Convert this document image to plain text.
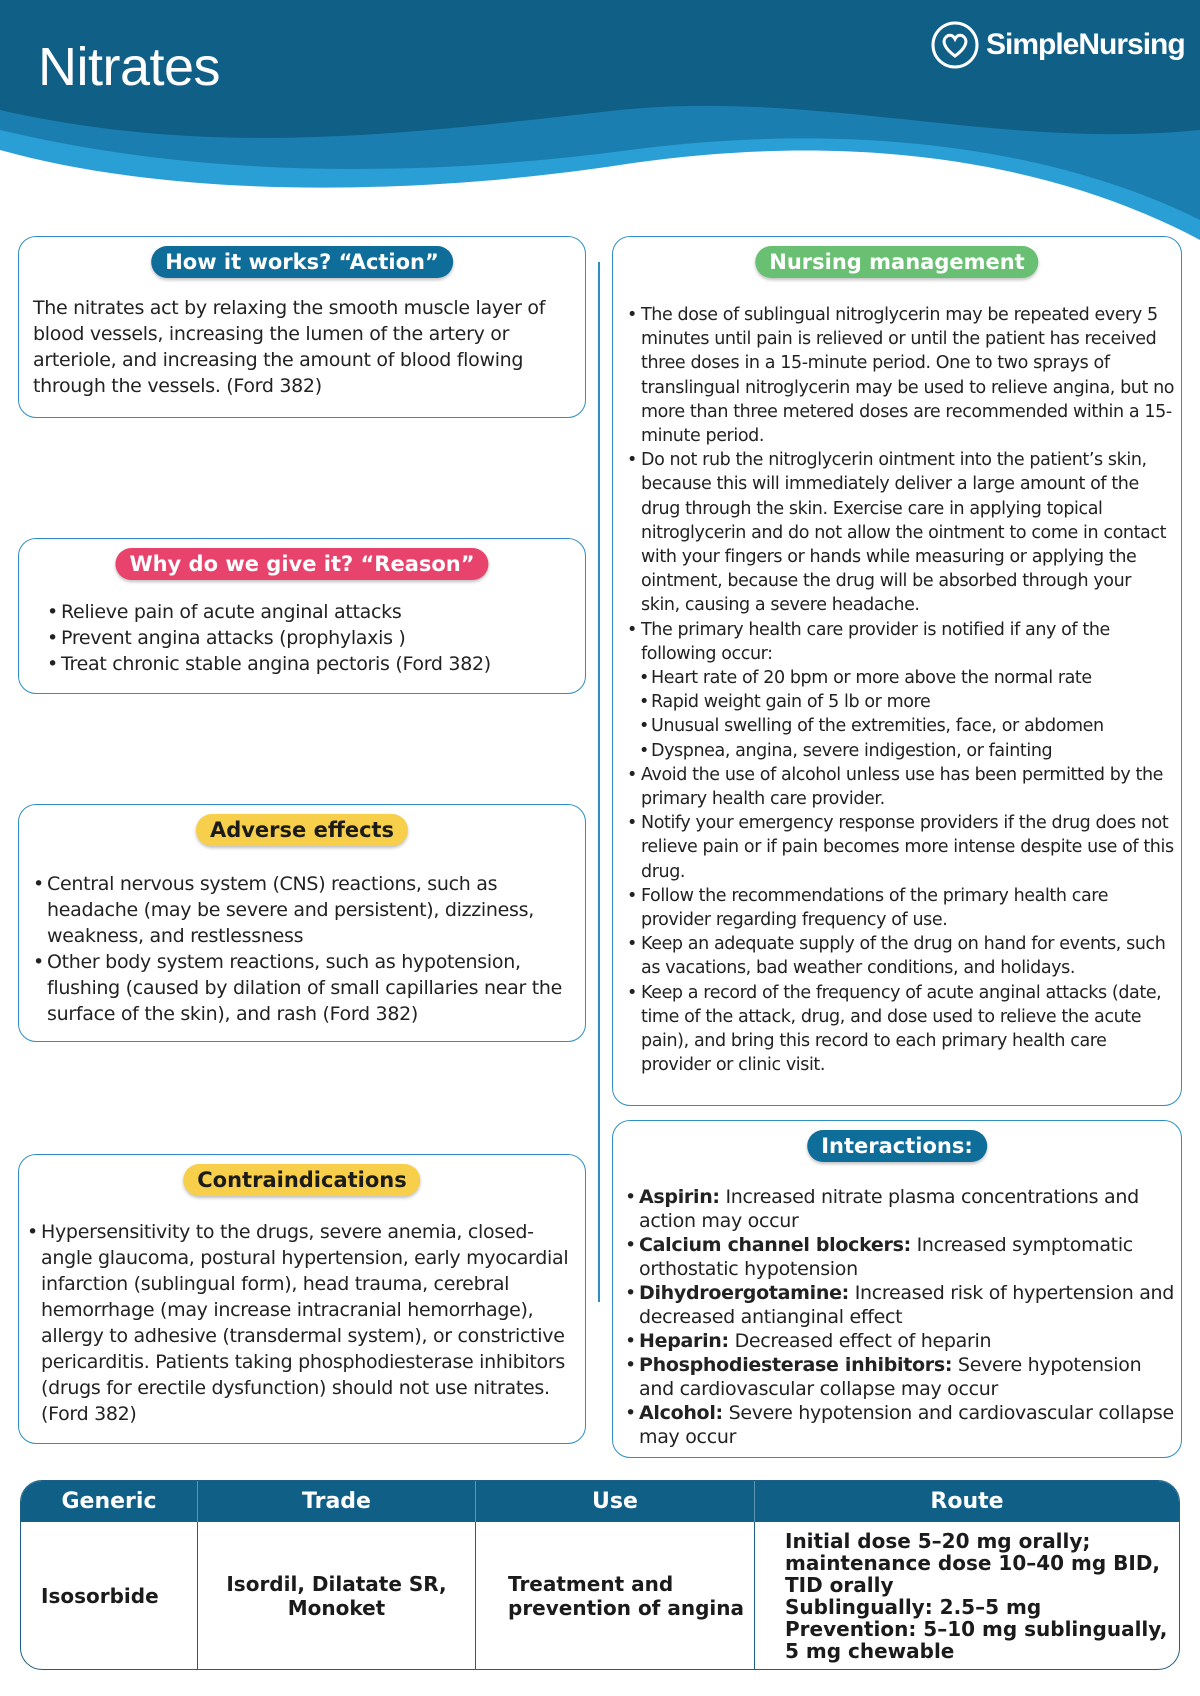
Nitrates	SimpleNursing
How it works? “Action”
The nitrates act by relaxing the smooth muscle layer of blood vessels, increasing the lumen of the artery or arteriole, and increasing the amount of blood flowing through the vessels. (Ford 382)
Why do we give it? “Reason”
• Relieve pain of acute anginal attacks
• Prevent angina attacks (prophylaxis )
• Treat chronic stable angina pectoris (Ford 382)
Adverse effects
• Central nervous system (CNS) reactions, such as headache (may be severe and persistent), dizziness, weakness, and restlessness
• Other body system reactions, such as hypotension, flushing (caused by dilation of small capillaries near the surface of the skin), and rash (Ford 382)
Contraindications
• Hypersensitivity to the drugs, severe anemia, closed-angle glaucoma, postural hypertension, early myocardial infarction (sublingual form), head trauma, cerebral hemorrhage (may increase intracranial hemorrhage), allergy to adhesive (transdermal system), or constrictive pericarditis. Patients taking phosphodiesterase inhibitors (drugs for erectile dysfunction) should not use nitrates. (Ford 382)
Nursing management
• The dose of sublingual nitroglycerin may be repeated every 5 minutes until pain is relieved or until the patient has received three doses in a 15-minute period. One to two sprays of translingual nitroglycerin may be used to relieve angina, but no more than three metered doses are recommended within a 15-minute period.
• Do not rub the nitroglycerin ointment into the patient’s skin, because this will immediately deliver a large amount of the drug through the skin. Exercise care in applying topical nitroglycerin and do not allow the ointment to come in contact with your fingers or hands while measuring or applying the ointment, because the drug will be absorbed through your skin, causing a severe headache.
• The primary health care provider is notified if any of the following occur:
• Heart rate of 20 bpm or more above the normal rate
• Rapid weight gain of 5 lb or more
• Unusual swelling of the extremities, face, or abdomen
• Dyspnea, angina, severe indigestion, or fainting
• Avoid the use of alcohol unless use has been permitted by the primary health care provider.
• Notify your emergency response providers if the drug does not relieve pain or if pain becomes more intense despite use of this drug.
• Follow the recommendations of the primary health care provider regarding frequency of use.
• Keep an adequate supply of the drug on hand for events, such as vacations, bad weather conditions, and holidays.
• Keep a record of the frequency of acute anginal attacks (date, time of the attack, drug, and dose used to relieve the acute pain), and bring this record to each primary health care provider or clinic visit.
Interactions:
• Aspirin: Increased nitrate plasma concentrations and action may occur
• Calcium channel blockers: Increased symptomatic orthostatic hypotension
• Dihydroergotamine: Increased risk of hypertension and decreased antianginal effect
• Heparin: Decreased effect of heparin
• Phosphodiesterase inhibitors: Severe hypotension and cardiovascular collapse may occur
• Alcohol: Severe hypotension and cardiovascular collapse may occur
Generic	Trade	Use	Route
Isosorbide	Isordil, Dilatate SR, Monoket	Treatment and prevention of angina	Initial dose 5–20 mg orally; maintenance dose 10–40 mg BID, TID orally
Sublingually: 2.5–5 mg
Prevention: 5–10 mg sublingually, 5 mg chewable
